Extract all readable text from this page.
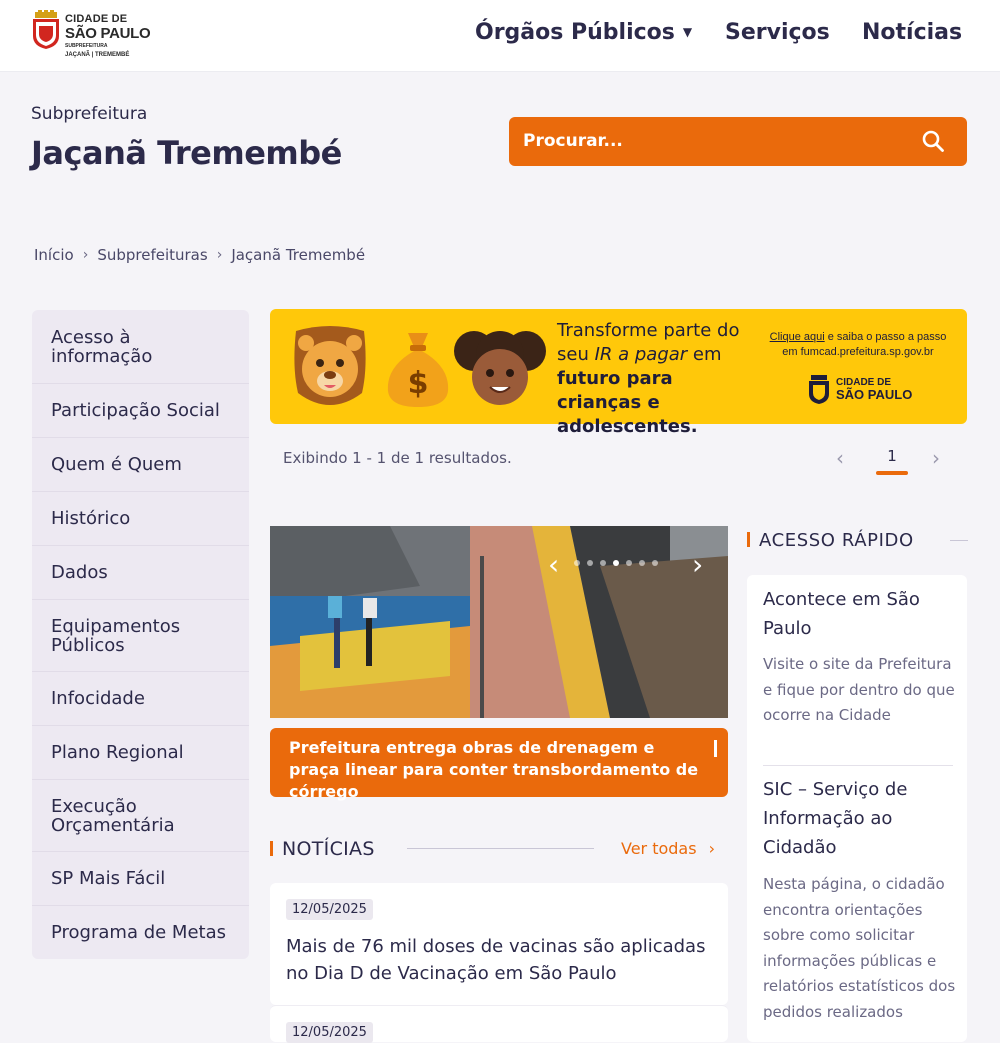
CIDADE DE
SÃO PAULO
SUBPREFEITURA
JAÇANÃ | TREMEMBÉ
Órgãos Públicos ▼ Serviços Notícias
Subprefeitura
Jaçanã Tremembé	Procurar...
Início › Subprefeituras › Jaçanã Tremembé
Acesso à informação
Participação Social
Quem é Quem
Histórico
Dados
Equipamentos Públicos
Infocidade
Plano Regional
Execução Orçamentária
SP Mais Fácil
Programa de Metas
$
Transforme parte do seu IR a pagar em futuro para crianças e adolescentes.
Clique aqui e saiba o passo a passo em fumcad.prefeitura.sp.gov.br
CIDADE DE
SÃO PAULO
Exibindo 1 - 1 de 1 resultados.	‹	1	›
‹	›
Prefeitura entrega obras de drenagem e praça linear para conter transbordamento de córrego
NOTÍCIAS	Ver todas ›
12/05/2025
Mais de 76 mil doses de vacinas são aplicadas no Dia D de Vacinação em São Paulo
12/05/2025
ACESSO RÁPIDO
Acontece em São Paulo
Visite o site da Prefeitura e fique por dentro do que ocorre na Cidade
SIC – Serviço de Informação ao Cidadão
Nesta página, o cidadão encontra orientações sobre como solicitar informações públicas e relatórios estatísticos dos pedidos realizados
